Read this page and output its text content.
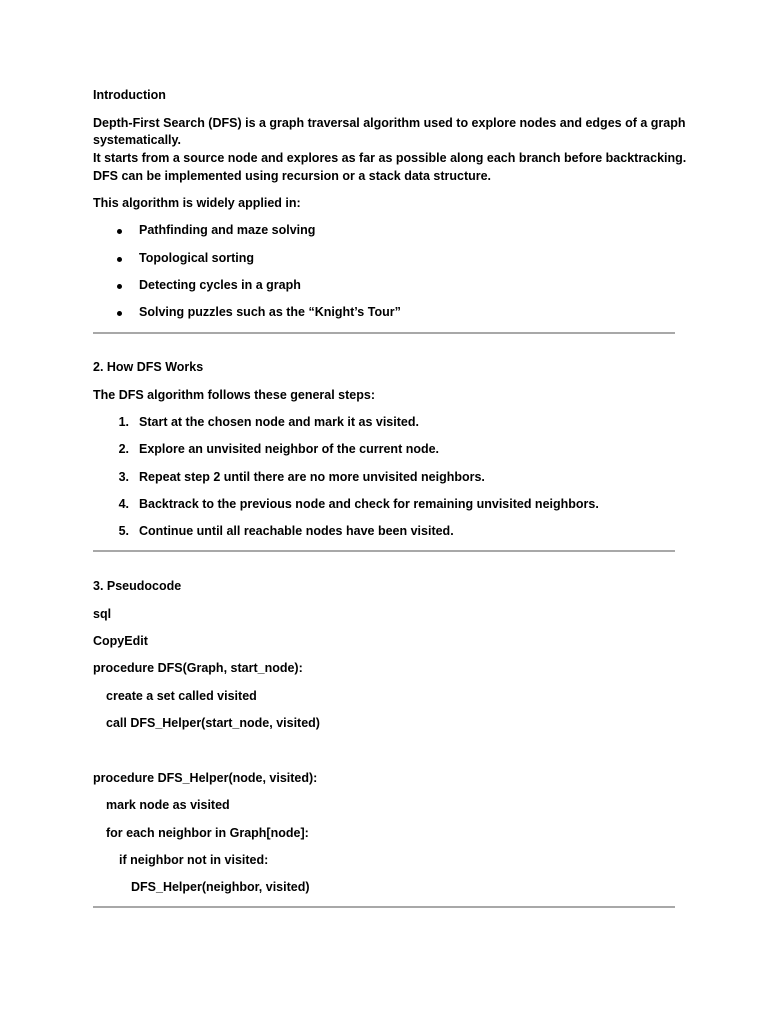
Introduction
Depth-First Search (DFS) is a graph traversal algorithm used to explore nodes and edges of a graph
systematically.
It starts from a source node and explores as far as possible along each branch before backtracking.
DFS can be implemented using recursion or a stack data structure.
This algorithm is widely applied in:
Pathfinding and maze solving
Topological sorting
Detecting cycles in a graph
Solving puzzles such as the “Knight’s Tour”
2. How DFS Works
The DFS algorithm follows these general steps:
1. Start at the chosen node and mark it as visited.
2. Explore an unvisited neighbor of the current node.
3. Repeat step 2 until there are no more unvisited neighbors.
4. Backtrack to the previous node and check for remaining unvisited neighbors.
5. Continue until all reachable nodes have been visited.
3. Pseudocode
sql
CopyEdit
procedure DFS(Graph, start_node):
create a set called visited
call DFS_Helper(start_node, visited)
procedure DFS_Helper(node, visited):
mark node as visited
for each neighbor in Graph[node]:
if neighbor not in visited:
DFS_Helper(neighbor, visited)
